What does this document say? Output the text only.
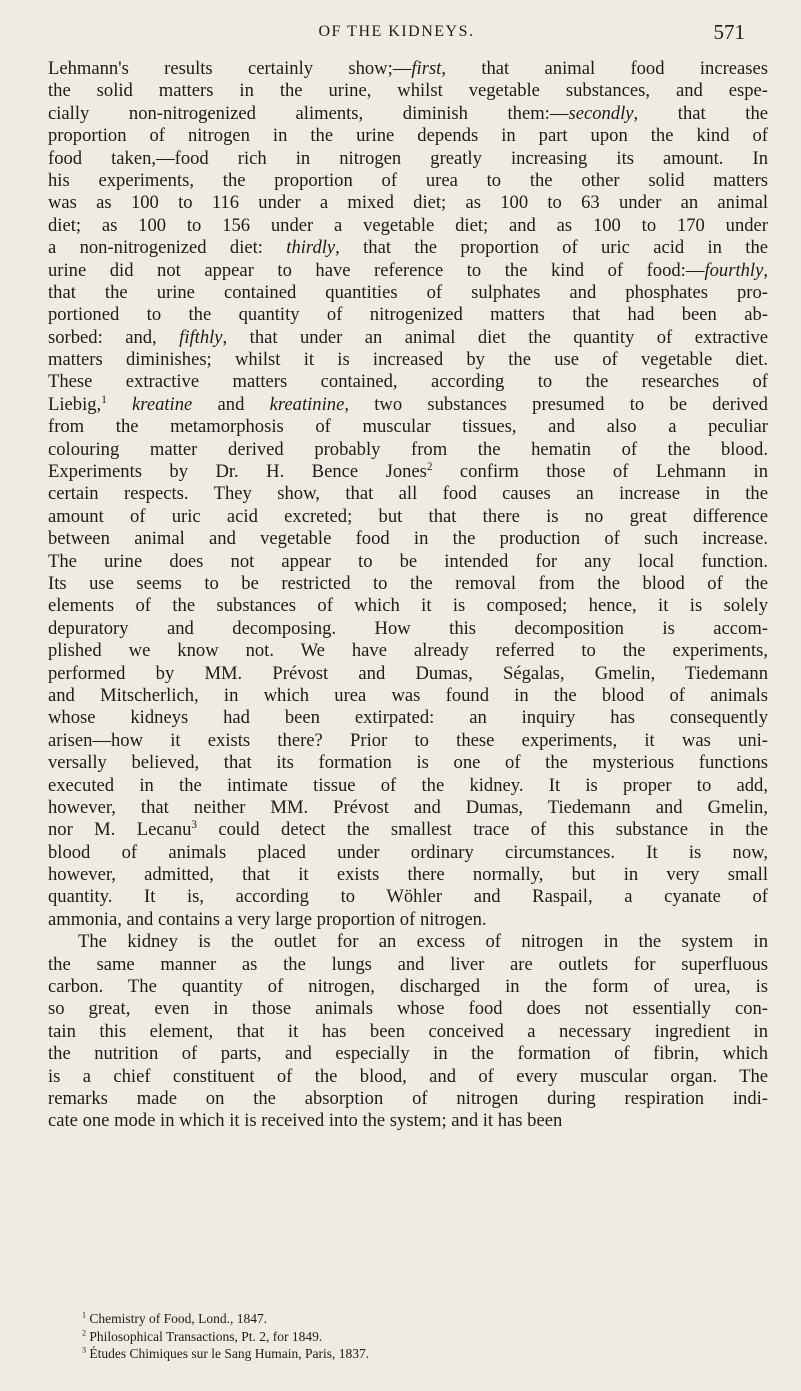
OF THE KIDNEYS.	571
Lehmann's results certainly show;—first, that animal food increases
the solid matters in the urine, whilst vegetable substances, and espe-
cially non-nitrogenized aliments, diminish them:—secondly, that the
proportion of nitrogen in the urine depends in part upon the kind of
food taken,—food rich in nitrogen greatly increasing its amount. In
his experiments, the proportion of urea to the other solid matters
was as 100 to 116 under a mixed diet; as 100 to 63 under an animal
diet; as 100 to 156 under a vegetable diet; and as 100 to 170 under
a non-nitrogenized diet: thirdly, that the proportion of uric acid in the
urine did not appear to have reference to the kind of food:—fourthly,
that the urine contained quantities of sulphates and phosphates pro-
portioned to the quantity of nitrogenized matters that had been ab-
sorbed: and, fifthly, that under an animal diet the quantity of extractive
matters diminishes; whilst it is increased by the use of vegetable diet.
These extractive matters contained, according to the researches of
Liebig,$^1$ kreatine and kreatinine, two substances presumed to be derived
from the metamorphosis of muscular tissues, and also a peculiar
colouring matter derived probably from the hematin of the blood.
Experiments by Dr. H. Bence Jones$^2$ confirm those of Lehmann in
certain respects. They show, that all food causes an increase in the
amount of uric acid excreted; but that there is no great difference
between animal and vegetable food in the production of such increase.
The urine does not appear to be intended for any local function.
Its use seems to be restricted to the removal from the blood of the
elements of the substances of which it is composed; hence, it is solely
depuratory and decomposing. How this decomposition is accom-
plished we know not. We have already referred to the experiments,
performed by MM. Prévost and Dumas, Ségalas, Gmelin, Tiedemann
and Mitscherlich, in which urea was found in the blood of animals
whose kidneys had been extirpated: an inquiry has consequently
arisen—how it exists there? Prior to these experiments, it was uni-
versally believed, that its formation is one of the mysterious functions
executed in the intimate tissue of the kidney. It is proper to add,
however, that neither MM. Prévost and Dumas, Tiedemann and Gmelin,
nor M. Lecanu$^3$ could detect the smallest trace of this substance in the
blood of animals placed under ordinary circumstances. It is now,
however, admitted, that it exists there normally, but in very small
quantity. It is, according to Wöhler and Raspail, a cyanate of
ammonia, and contains a very large proportion of nitrogen.
The kidney is the outlet for an excess of nitrogen in the system in
the same manner as the lungs and liver are outlets for superfluous
carbon. The quantity of nitrogen, discharged in the form of urea, is
so great, even in those animals whose food does not essentially con-
tain this element, that it has been conceived a necessary ingredient in
the nutrition of parts, and especially in the formation of fibrin, which
is a chief constituent of the blood, and of every muscular organ. The
remarks made on the absorption of nitrogen during respiration indi-
cate one mode in which it is received into the system; and it has been
$^1$ Chemistry of Food, Lond., 1847.
$^2$ Philosophical Transactions, Pt. 2, for 1849.
$^3$ Études Chimiques sur le Sang Humain, Paris, 1837.
